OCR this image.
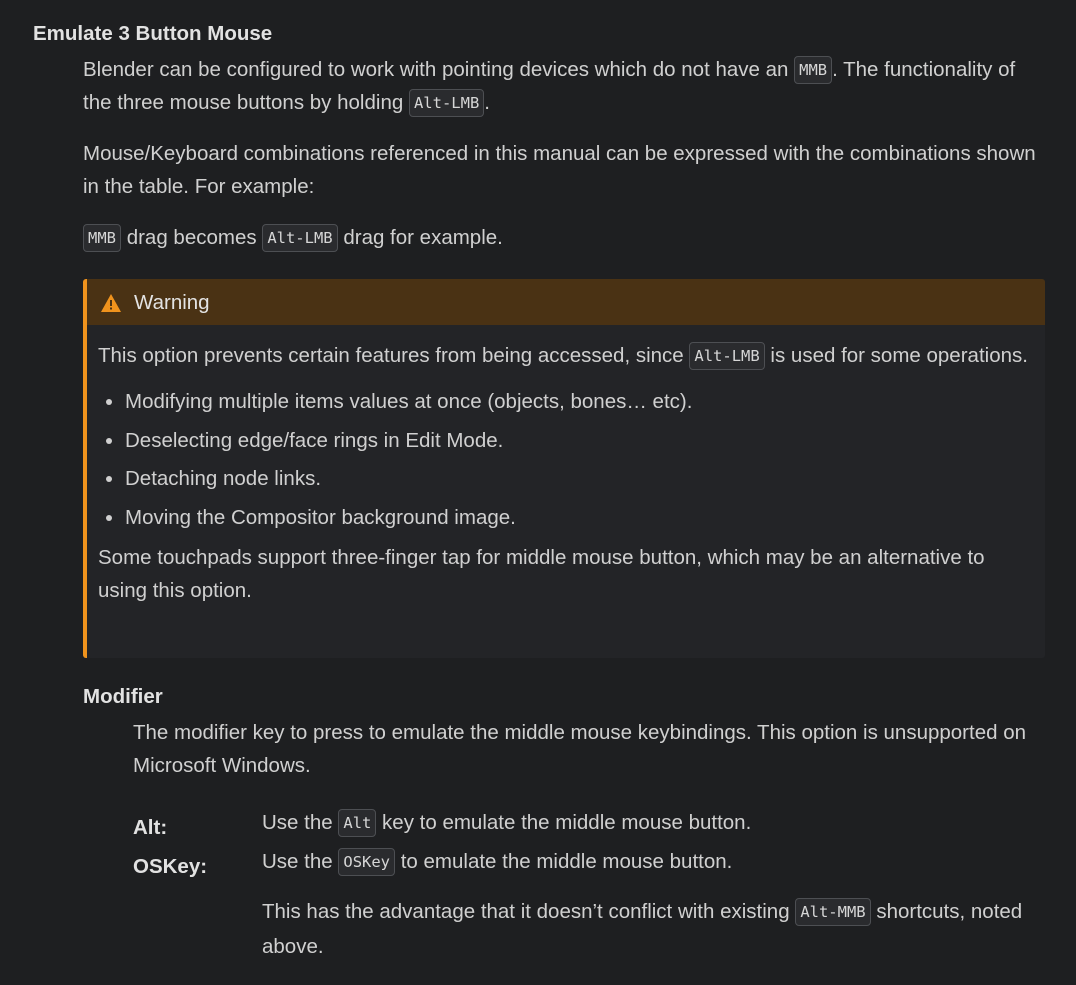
Emulate 3 Button Mouse

Blender can be configured to work with pointing devices which do not have an MMB . The functionality of the three mouse buttons by holding Alt-LMB .

Mouse/Keyboard combinations referenced in this manual can be expressed with the combinations shown in the table. For example:

MMB drag becomes Alt-LMB drag for example.

Warning

This option prevents certain features from being accessed, since Alt-LMB is used for some operations.

• Modifying multiple items values at once (objects, bones… etc).
• Deselecting edge/face rings in Edit Mode.
• Detaching node links.
• Moving the Compositor background image.

Some touchpads support three-finger tap for middle mouse button, which may be an alternative to using this option.

Modifier
The modifier key to press to emulate the middle mouse keybindings. This option is unsupported on Microsoft Windows.
Alt:	Use the Alt key to emulate the middle mouse button.
OSKey:	Use the OSKey to emulate the middle mouse button.
This has the advantage that it doesn’t conflict with existing Alt-MMB shortcuts, noted above.
